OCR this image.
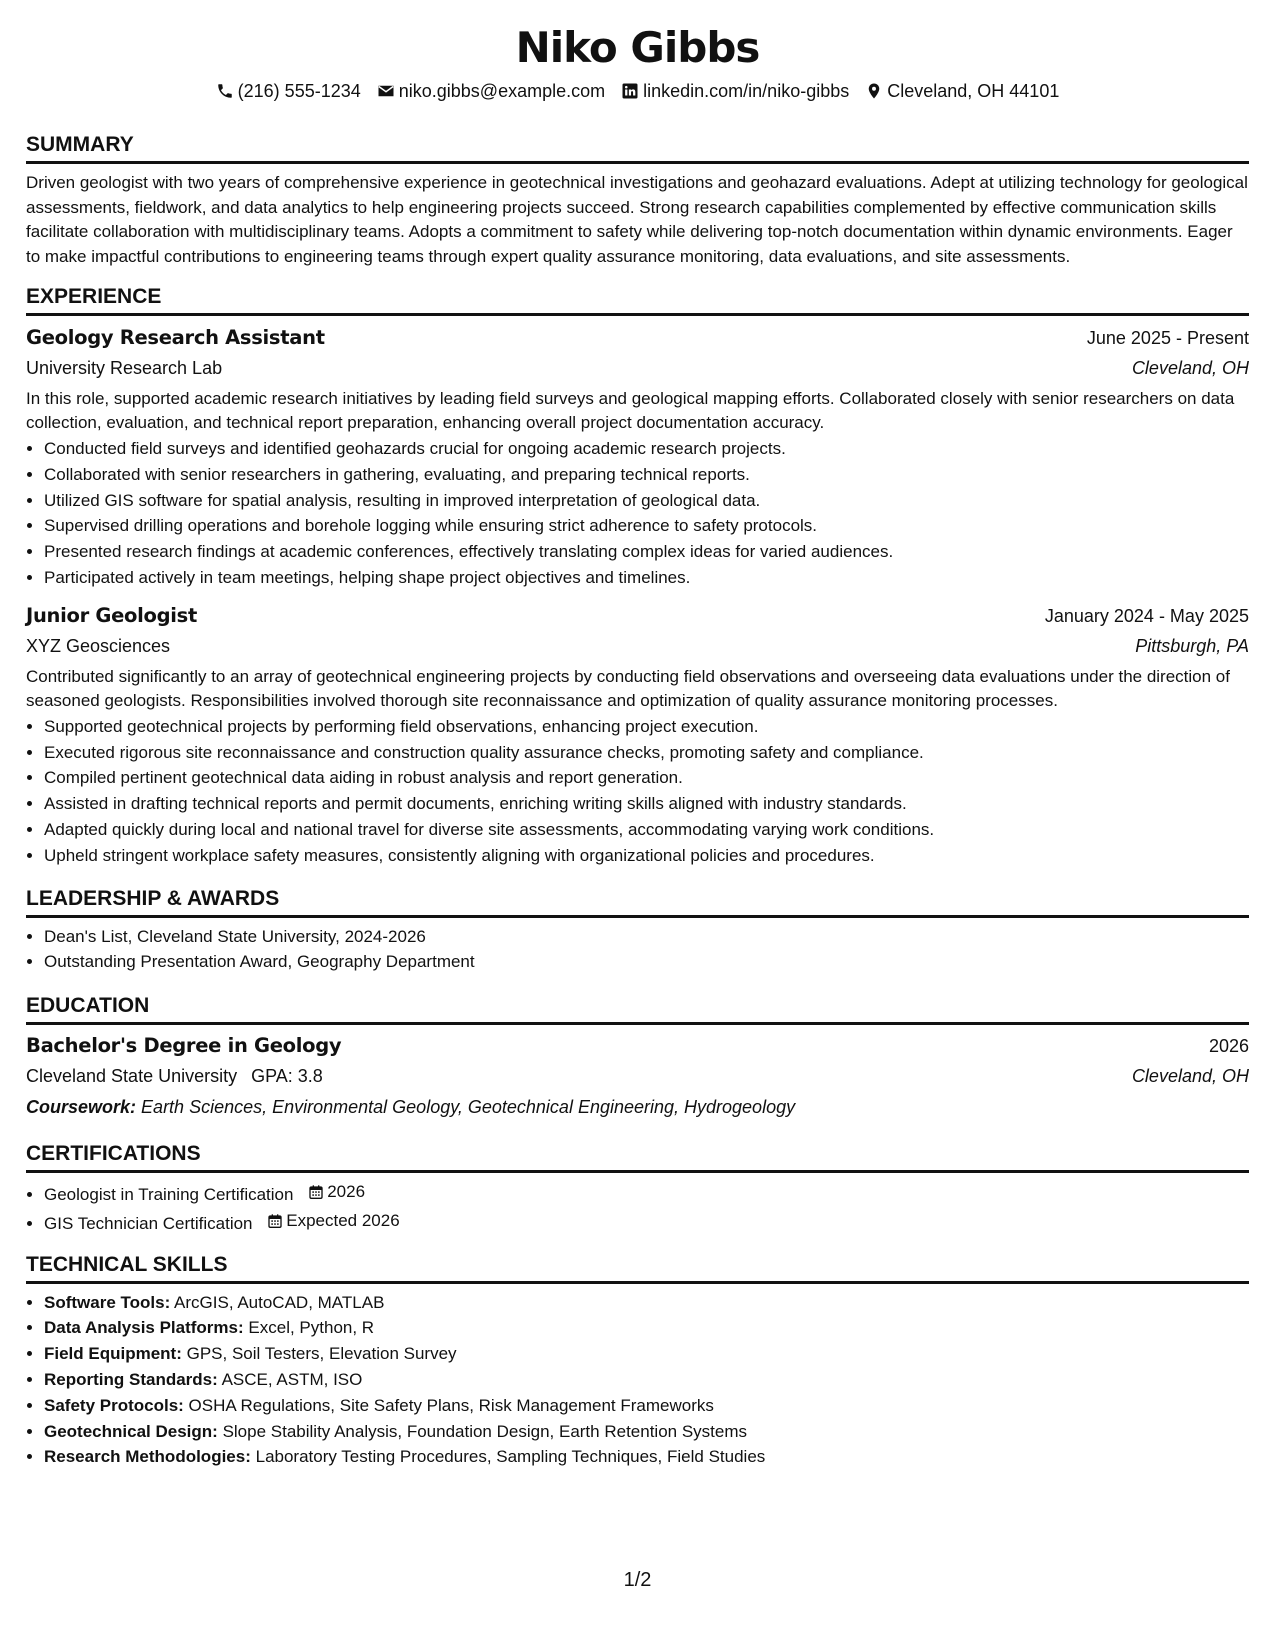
Niko Gibbs
(216) 555-1234 niko.gibbs@example.com linkedin.com/in/niko-gibbs Cleveland, OH 44101
SUMMARY
Driven geologist with two years of comprehensive experience in geotechnical investigations and geohazard evaluations. Adept at utilizing technology for geological assessments, fieldwork, and data analytics to help engineering projects succeed. Strong research capabilities complemented by effective communication skills facilitate collaboration with multidisciplinary teams. Adopts a commitment to safety while delivering top-notch documentation within dynamic environments. Eager to make impactful contributions to engineering teams through expert quality assurance monitoring, data evaluations, and site assessments.
EXPERIENCE
Geology Research Assistant	June 2025 - Present
University Research Lab	Cleveland, OH
In this role, supported academic research initiatives by leading field surveys and geological mapping efforts. Collaborated closely with senior researchers on data collection, evaluation, and technical report preparation, enhancing overall project documentation accuracy.
• Conducted field surveys and identified geohazards crucial for ongoing academic research projects.
• Collaborated with senior researchers in gathering, evaluating, and preparing technical reports.
• Utilized GIS software for spatial analysis, resulting in improved interpretation of geological data.
• Supervised drilling operations and borehole logging while ensuring strict adherence to safety protocols.
• Presented research findings at academic conferences, effectively translating complex ideas for varied audiences.
• Participated actively in team meetings, helping shape project objectives and timelines.
Junior Geologist	January 2024 - May 2025
XYZ Geosciences	Pittsburgh, PA
Contributed significantly to an array of geotechnical engineering projects by conducting field observations and overseeing data evaluations under the direction of seasoned geologists. Responsibilities involved thorough site reconnaissance and optimization of quality assurance monitoring processes.
• Supported geotechnical projects by performing field observations, enhancing project execution.
• Executed rigorous site reconnaissance and construction quality assurance checks, promoting safety and compliance.
• Compiled pertinent geotechnical data aiding in robust analysis and report generation.
• Assisted in drafting technical reports and permit documents, enriching writing skills aligned with industry standards.
• Adapted quickly during local and national travel for diverse site assessments, accommodating varying work conditions.
• Upheld stringent workplace safety measures, consistently aligning with organizational policies and procedures.
LEADERSHIP & AWARDS
• Dean's List, Cleveland State University, 2024-2026
• Outstanding Presentation Award, Geography Department
EDUCATION
Bachelor's Degree in Geology	2026
Cleveland State University GPA: 3.8	Cleveland, OH
Coursework: Earth Sciences, Environmental Geology, Geotechnical Engineering, Hydrogeology
CERTIFICATIONS
• Geologist in Training Certification 2026
• GIS Technician Certification Expected 2026
TECHNICAL SKILLS
• Software Tools: ArcGIS, AutoCAD, MATLAB
• Data Analysis Platforms: Excel, Python, R
• Field Equipment: GPS, Soil Testers, Elevation Survey
• Reporting Standards: ASCE, ASTM, ISO
• Safety Protocols: OSHA Regulations, Site Safety Plans, Risk Management Frameworks
• Geotechnical Design: Slope Stability Analysis, Foundation Design, Earth Retention Systems
• Research Methodologies: Laboratory Testing Procedures, Sampling Techniques, Field Studies
1/2
